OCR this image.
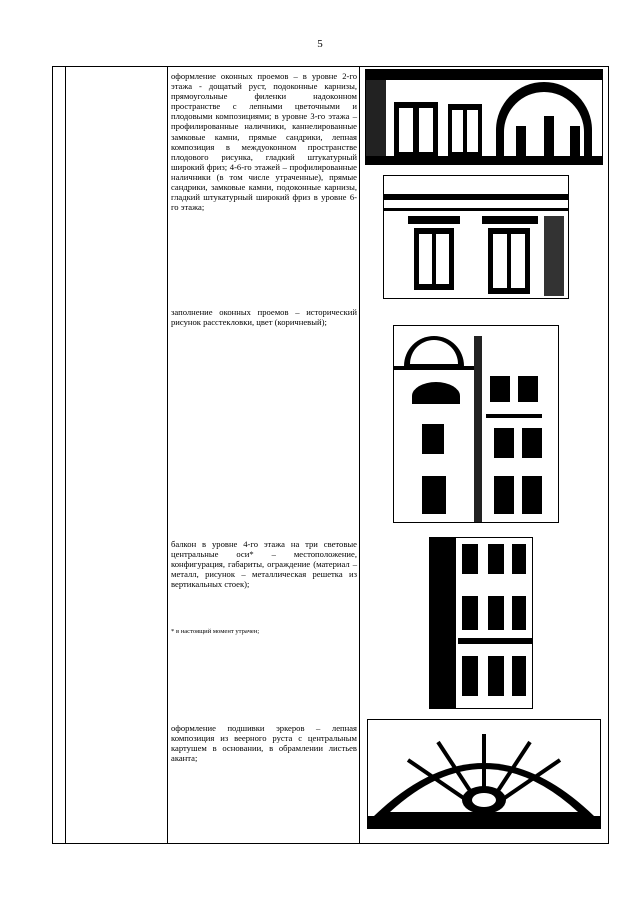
5

оформление оконных проемов – в уровне 2-го этажа - дощатый руст, подоконные карнизы, прямоугольные филенки надоконном пространстве с лепными цветочными и плодовыми композициями; в уровне 3-го этажа – профилированные наличники, каннелированные замковые камни, прямые сандрики, лепная композиция в междуоконном пространстве плодового рисунка, гладкий штукатурный широкий фриз; 4-6-го этажей – профилированные наличники (в том числе утраченные), прямые сандрики, замковые камни, подоконные карнизы, гладкий штукатурный широкий фриз в уровне 6-го этажа;

заполнение оконных проемов – исторический рисунок расстекловки, цвет (коричневый);

балкон в уровне 4-го этажа на три световые центральные оси* – местоположение, конфигурация, габариты, ограждение (материал – металл, рисунок – металлическая решетка из вертикальных стоек);

* в настоящий момент утрачен;

оформление подшивки эркеров – лепная композиция из веерного руста с центральным картушем в основании, в обрамлении листьев аканта;
